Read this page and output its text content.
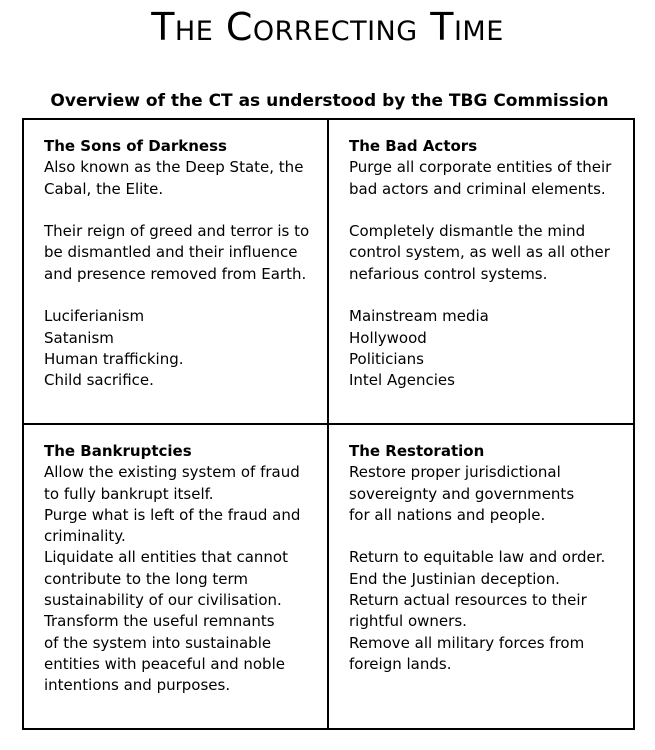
The Correcting Time
Overview of the CT as understood by the TBG Commission
The Sons of Darkness
Also known as the Deep State, the
Cabal, the Elite.
Their reign of greed and terror is to
be dismantled and their influence
and presence removed from Earth.
Luciferianism
Satanism
Human trafficking.
Child sacrifice.
The Bad Actors
Purge all corporate entities of their
bad actors and criminal elements.
Completely dismantle the mind
control system, as well as all other
nefarious control systems.
Mainstream media
Hollywood
Politicians
Intel Agencies
The Bankruptcies
Allow the existing system of fraud
to fully bankrupt itself.
Purge what is left of the fraud and
criminality.
Liquidate all entities that cannot
contribute to the long term
sustainability of our civilisation.
Transform the useful remnants
of the system into sustainable
entities with peaceful and noble
intentions and purposes.
The Restoration
Restore proper jurisdictional
sovereignty and governments
for all nations and people.
Return to equitable law and order.
End the Justinian deception.
Return actual resources to their
rightful owners.
Remove all military forces from
foreign lands.
